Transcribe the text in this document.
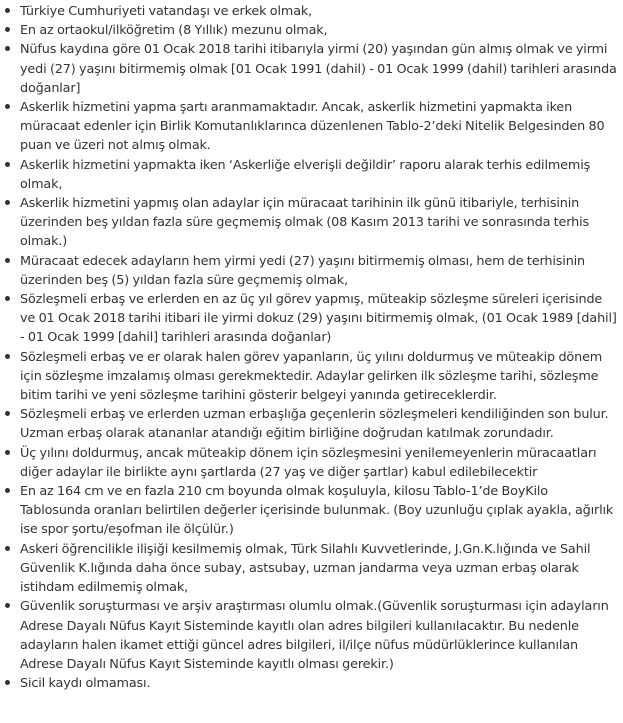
Türkiye Cumhuriyeti vatandaşı ve erkek olmak,
En az ortaokul/ilköğretim (8 Yıllık) mezunu olmak,
Nüfus kaydına göre 01 Ocak 2018 tarihi itibarıyla yirmi (20) yaşından gün almış olmak ve yirmi yedi (27) yaşını bitirmemiş olmak [01 Ocak 1991 (dahil) - 01 Ocak 1999 (dahil) tarihleri arasında doğanlar]
Askerlik hizmetini yapma şartı aranmamaktadır. Ancak, askerlik hizmetini yapmakta iken müracaat edenler için Birlik Komutanlıklarınca düzenlenen Tablo-2’deki Nitelik Belgesinden 80 puan ve üzeri not almış olmak.
Askerlik hizmetini yapmakta iken ‘Askerliğe elverişli değildir’ raporu alarak terhis edilmemiş olmak,
Askerlik hizmetini yapmış olan adaylar için müracaat tarihinin ilk günü itibariyle, terhisinin üzerinden beş yıldan fazla süre geçmemiş olmak (08 Kasım 2013 tarihi ve sonrasında terhis olmak.)
Müracaat edecek adayların hem yirmi yedi (27) yaşını bitirmemiş olması, hem de terhisinin üzerinden beş (5) yıldan fazla süre geçmemiş olmak,
Sözleşmeli erbaş ve erlerden en az üç yıl görev yapmış, müteakip sözleşme süreleri içerisinde ve 01 Ocak 2018 tarihi itibari ile yirmi dokuz (29) yaşını bitirmemiş olmak, (01 Ocak 1989 [dahil] - 01 Ocak 1999 [dahil] tarihleri arasında doğanlar)
Sözleşmeli erbaş ve er olarak halen görev yapanların, üç yılını doldurmuş ve müteakip dönem için sözleşme imzalamış olması gerekmektedir. Adaylar gelirken ilk sözleşme tarihi, sözleşme bitim tarihi ve yeni sözleşme tarihini gösterir belgeyi yanında getireceklerdir.
Sözleşmeli erbaş ve erlerden uzman erbaşlığa geçenlerin sözleşmeleri kendiliğinden son bulur. Uzman erbaş olarak atananlar atandığı eğitim birliğine doğrudan katılmak zorundadır.
Üç yılını doldurmuş, ancak müteakip dönem için sözleşmesini yenilemeyenlerin müracaatları diğer adaylar ile birlikte aynı şartlarda (27 yaş ve diğer şartlar) kabul edilebilecektir
En az 164 cm ve en fazla 210 cm boyunda olmak koşuluyla, kilosu Tablo-1’de BoyKilo Tablosunda oranları belirtilen değerler içerisinde bulunmak. (Boy uzunluğu çıplak ayakla, ağırlık ise spor şortu/eşofman ile ölçülür.)
Askeri öğrencilikle ilişiği kesilmemiş olmak, Türk Silahlı Kuvvetlerinde, J.Gn.K.lığında ve Sahil Güvenlik K.lığında daha önce subay, astsubay, uzman jandarma veya uzman erbaş olarak istihdam edilmemiş olmak,
Güvenlik soruşturması ve arşiv araştırması olumlu olmak.(Güvenlik soruşturması için adayların Adrese Dayalı Nüfus Kayıt Sisteminde kayıtlı olan adres bilgileri kullanılacaktır. Bu nedenle adayların halen ikamet ettiği güncel adres bilgileri, il/ilçe nüfus müdürlüklerince kullanılan Adrese Dayalı Nüfus Kayıt Sisteminde kayıtlı olması gerekir.)
Sicil kaydı olmaması.
